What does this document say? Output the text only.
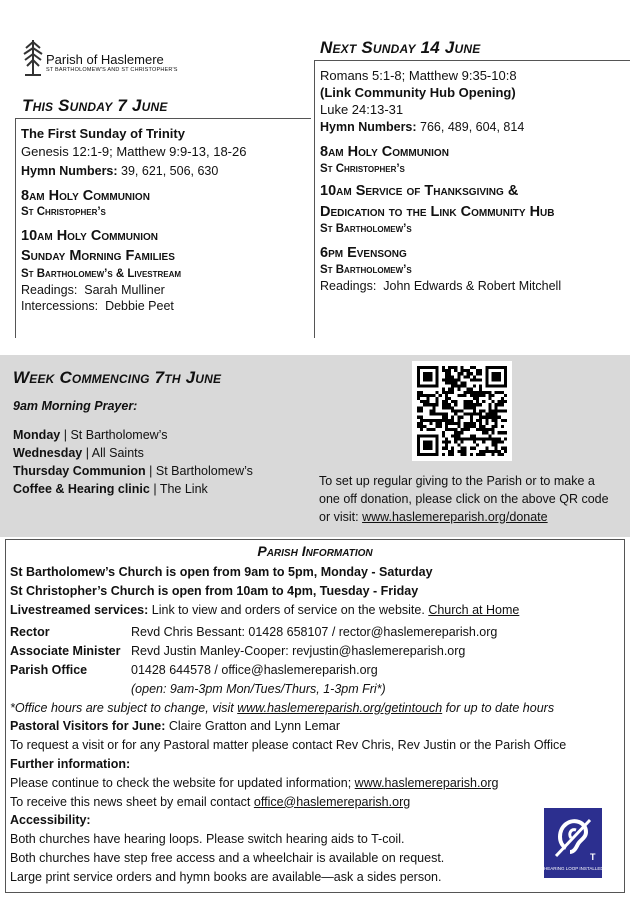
Parish of Haslemere
ST BARTHOLOMEW'S AND ST CHRISTOPHER'S
This Sunday 7 June
The First Sunday of Trinity
Genesis 12:1-9; Matthew 9:9-13, 18-26
Hymn Numbers: 39, 621, 506, 630
8am Holy Communion
St Christopher’s
10am Holy Communion
Sunday Morning Families
St Bartholomew’s & Livestream
Readings: Sarah Mulliner
Intercessions: Debbie Peet
Next Sunday 14 June
Romans 5:1-8; Matthew 9:35-10:8
(Link Community Hub Opening)
Luke 24:13-31
Hymn Numbers: 766, 489, 604, 814
8am Holy Communion
St Christopher’s
10am Service of Thanksgiving &
Dedication to the Link Community Hub
St Bartholomew’s
6pm Evensong
St Bartholomew’s
Readings: John Edwards & Robert Mitchell
Week Commencing 7th June
9am Morning Prayer:
Monday | St Bartholomew’s
Wednesday | All Saints
Thursday Communion | St Bartholomew’s
Coffee & Hearing clinic | The Link
To set up regular giving to the Parish or to make a one off donation, please click on the above QR code or visit: www.haslemereparish.org/donate
Parish Information
St Bartholomew’s Church is open from 9am to 5pm, Monday - Saturday
St Christopher’s Church is open from 10am to 4pm, Tuesday - Friday
Livestreamed services: Link to view and orders of service on the website. Church at Home
Rector	Revd Chris Bessant: 01428 658107 / rector@haslemereparish.org
Associate Minister Revd Justin Manley-Cooper: revjustin@haslemereparish.org
Parish Office	01428 644578 / office@haslemereparish.org
(open: 9am-3pm Mon/Tues/Thurs, 1-3pm Fri*)
*Office hours are subject to change, visit www.haslemereparish.org/getintouch for up to date hours
Pastoral Visitors for June: Claire Gratton and Lynn Lemar
To request a visit or for any Pastoral matter please contact Rev Chris, Rev Justin or the Parish Office
Further information:
Please continue to check the website for updated information; www.haslemereparish.org
To receive this news sheet by email contact office@haslemereparish.org
Accessibility:
Both churches have hearing loops. Please switch hearing aids to T-coil.
Both churches have step free access and a wheelchair is available on request.
Large print service orders and hymn books are available—ask a sides person.
T
HEARING LOOP INSTALLED
